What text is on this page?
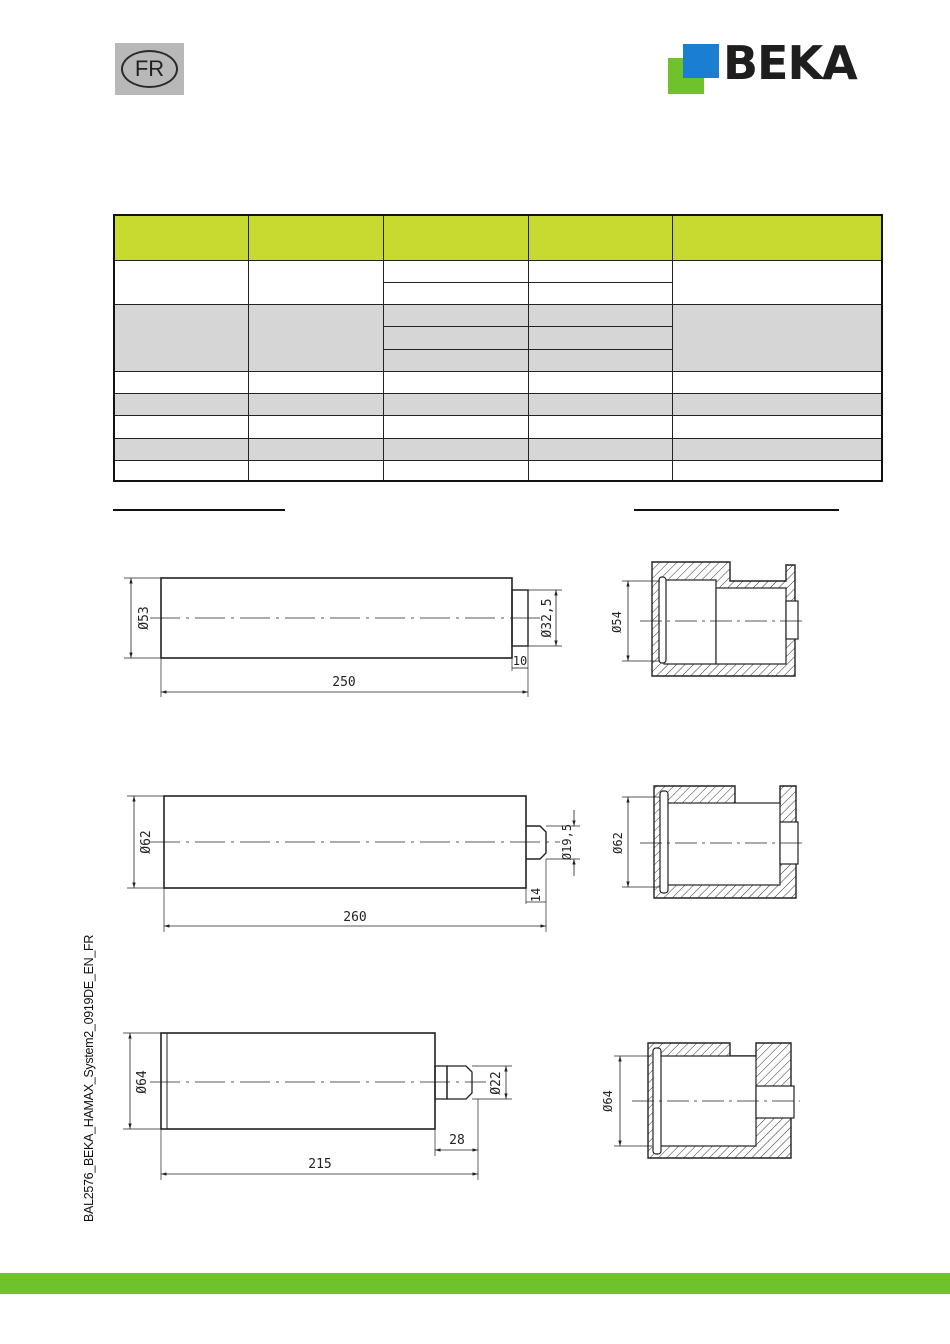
FR	BEKA
Ø53	Ø32,5
10
250
Ø54
Ø62	Ø19,5
14
260
Ø62
Ø64	Ø22
28
215
Ø64
BAL2576_BEKA_HAMAX_System2_0919DE_EN_FR
